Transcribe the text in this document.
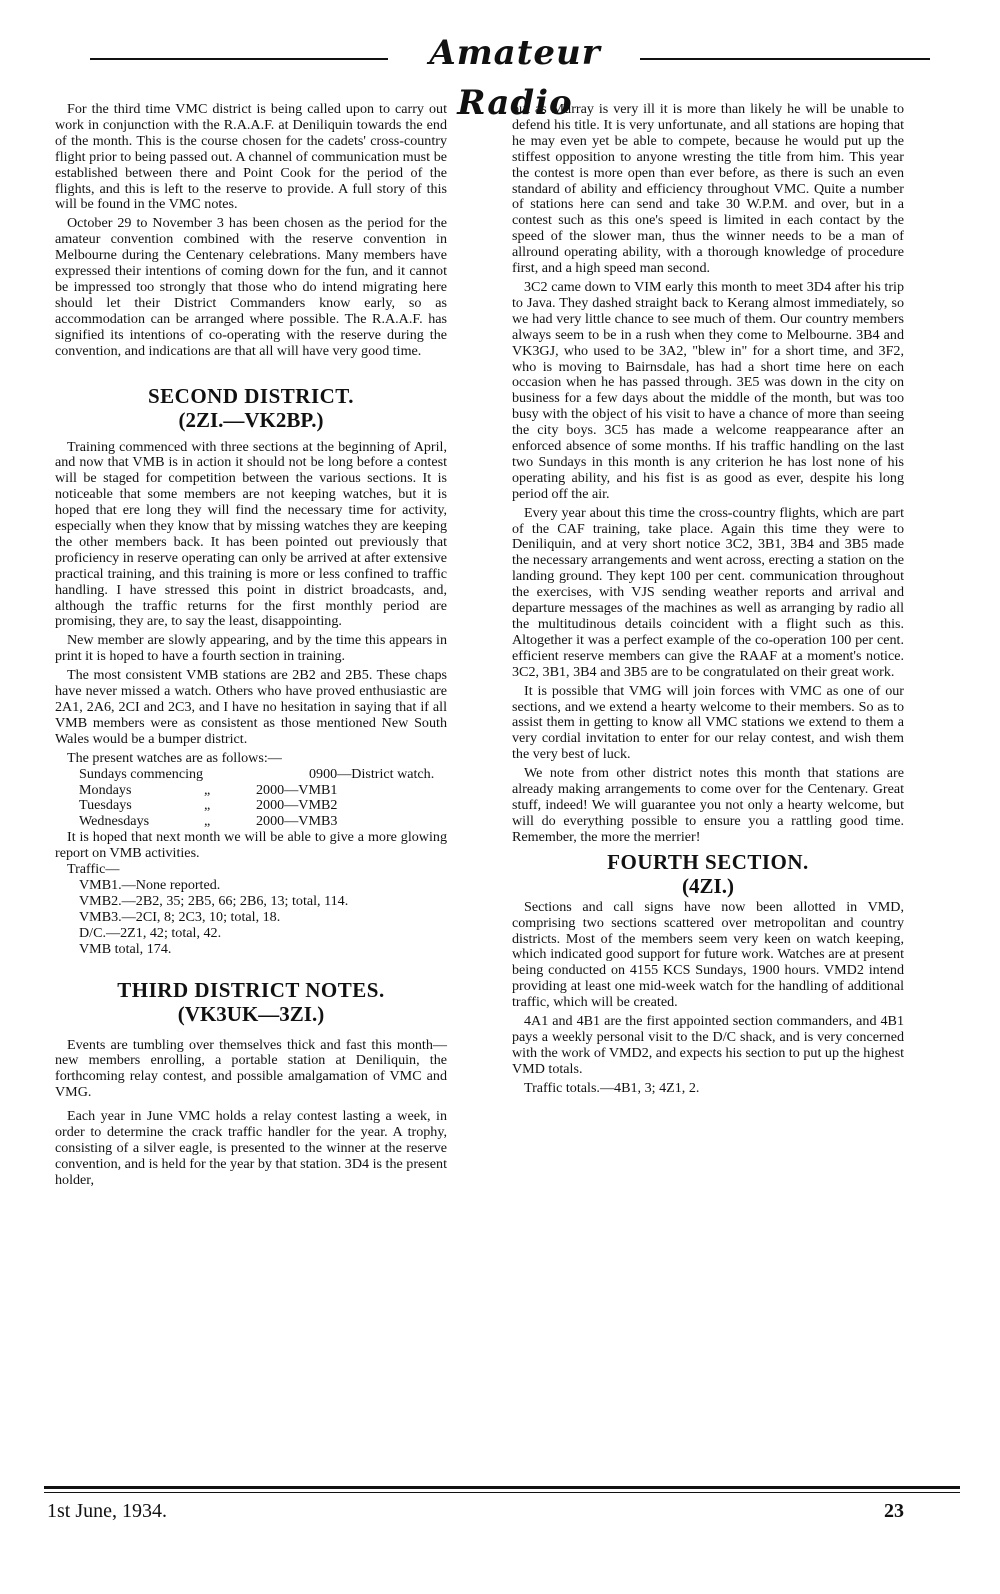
Amateur Radio

For the third time VMC district is being called upon to carry out work in conjunction with the R.A.A.F. at Deniliquin towards the end of the month. This is the course chosen for the cadets' cross-country flight prior to being passed out. A channel of communication must be established between there and Point Cook for the period of the flights, and this is left to the reserve to provide. A full story of this will be found in the VMC notes.

October 29 to November 3 has been chosen as the period for the amateur convention combined with the reserve convention in Melbourne during the Centenary celebrations. Many members have expressed their intentions of coming down for the fun, and it cannot be impressed too strongly that those who do intend migrating here should let their District Commanders know early, so as accommodation can be arranged where possible. The R.A.A.F. has signified its intentions of co-operating with the reserve during the convention, and indications are that all will have very good time.

SECOND DISTRICT.
(2ZI.—VK2BP.)

Training commenced with three sections at the beginning of April, and now that VMB is in action it should not be long before a contest will be staged for competition between the various sections. It is noticeable that some members are not keeping watches, but it is hoped that ere long they will find the necessary time for activity, especially when they know that by missing watches they are keeping the other members back. It has been pointed out previously that proficiency in reserve operating can only be arrived at after extensive practical training, and this training is more or less confined to traffic handling. I have stressed this point in district broadcasts, and, although the traffic returns for the first monthly period are promising, they are, to say the least, disappointing.

New member are slowly appearing, and by the time this appears in print it is hoped to have a fourth section in training.

The most consistent VMB stations are 2B2 and 2B5. These chaps have never missed a watch. Others who have proved enthusiastic are 2A1, 2A6, 2CI and 2C3, and I have no hesitation in saying that if all VMB members were as consistent as those mentioned New South Wales would be a bumper district.

The present watches are as follows:—

Sundays commencing	0900—District watch.
Mondays	„	2000—VMB1
Tuesdays	„	2000—VMB2
Wednesdays	„	2000—VMB3

It is hoped that next month we will be able to give a more glowing report on VMB activities.

Traffic—

VMB1.—None reported.

VMB2.—2B2, 35; 2B5, 66; 2B6, 13; total, 114.

VMB3.—2CI, 8; 2C3, 10; total, 18.

D/C.—2Z1, 42; total, 42.

VMB total, 174.

THIRD DISTRICT NOTES.
(VK3UK—3ZI.)

Events are tumbling over themselves thick and fast this month—new members enrolling, a portable station at Deniliquin, the forthcoming relay contest, and possible amalgamation of VMC and VMG.

Each year in June VMC holds a relay contest lasting a week, in order to determine the crack traffic handler for the year. A trophy, consisting of a silver eagle, is presented to the winner at the reserve convention, and is held for the year by that station. 3D4 is the present holder,

but as Murray is very ill it is more than likely he will be unable to defend his title. It is very unfortunate, and all stations are hoping that he may even yet be able to compete, because he would put up the stiffest opposition to anyone wresting the title from him. This year the contest is more open than ever before, as there is such an even standard of ability and efficiency throughout VMC. Quite a number of stations here can send and take 30 W.P.M. and over, but in a contest such as this one's speed is limited in each contact by the speed of the slower man, thus the winner needs to be a man of allround operating ability, with a thorough knowledge of procedure first, and a high speed man second.

3C2 came down to VIM early this month to meet 3D4 after his trip to Java. They dashed straight back to Kerang almost immediately, so we had very little chance to see much of them. Our country members always seem to be in a rush when they come to Melbourne. 3B4 and VK3GJ, who used to be 3A2, "blew in" for a short time, and 3F2, who is moving to Bairnsdale, has had a short time here on each occasion when he has passed through. 3E5 was down in the city on business for a few days about the middle of the month, but was too busy with the object of his visit to have a chance of more than seeing the city boys. 3C5 has made a welcome reappearance after an enforced absence of some months. If his traffic handling on the last two Sundays in this month is any criterion he has lost none of his operating ability, and his fist is as good as ever, despite his long period off the air.

Every year about this time the cross-country flights, which are part of the CAF training, take place. Again this time they were to Deniliquin, and at very short notice 3C2, 3B1, 3B4 and 3B5 made the necessary arrangements and went across, erecting a station on the landing ground. They kept 100 per cent. communication throughout the exercises, with VJS sending weather reports and arrival and departure messages of the machines as well as arranging by radio all the multitudinous details coincident with a flight such as this. Altogether it was a perfect example of the co-operation 100 per cent. efficient reserve members can give the RAAF at a moment's notice. 3C2, 3B1, 3B4 and 3B5 are to be congratulated on their great work.

It is possible that VMG will join forces with VMC as one of our sections, and we extend a hearty welcome to their members. So as to assist them in getting to know all VMC stations we extend to them a very cordial invitation to enter for our relay contest, and wish them the very best of luck.

We note from other district notes this month that stations are already making arrangements to come over for the Centenary. Great stuff, indeed! We will guarantee you not only a hearty welcome, but will do everything possible to ensure you a rattling good time. Remember, the more the merrier!

FOURTH SECTION.
(4ZI.)

Sections and call signs have now been allotted in VMD, comprising two sections scattered over metropolitan and country districts. Most of the members seem very keen on watch keeping, which indicated good support for future work. Watches are at present being conducted on 4155 KCS Sundays, 1900 hours. VMD2 intend providing at least one mid-week watch for the handling of additional traffic, which will be created.

4A1 and 4B1 are the first appointed section commanders, and 4B1 pays a weekly personal visit to the D/C shack, and is very concerned with the work of VMD2, and expects his section to put up the highest VMD totals.

Traffic totals.—4B1, 3; 4Z1, 2.

1st June, 1934.	23
